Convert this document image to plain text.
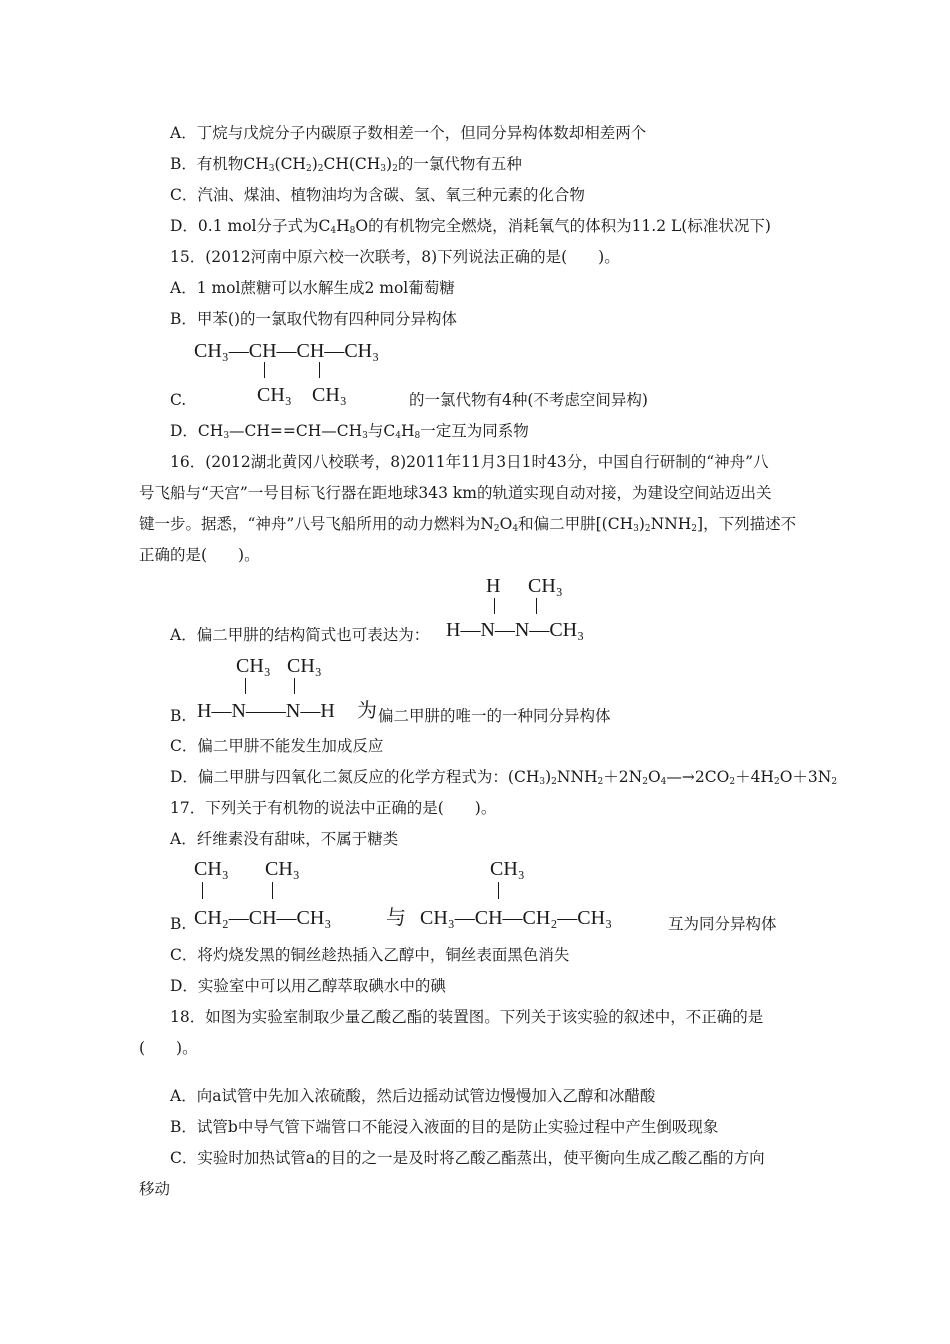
A．丁烷与戊烷分子内碳原子数相差一个，但同分异构体数却相差两个
B．有机物$CH_3(CH_2)_2CH(CH_3)_2$的一氯代物有五种
C．汽油、煤油、植物油均为含碳、氢、氧三种元素的化合物
D．0.1 mol分子式为$C_4H_8O$的有机物完全燃烧，消耗氧气的体积为11.2 L(标准状况下)
15．(2012河南中原六校一次联考，8)下列说法正确的是(　　)。
A．1 mol蔗糖可以水解生成2 mol葡萄糖
B．甲苯()的一氯取代物有四种同分异构体
CH₃—CH—CH—CH₃
CH₃ CH₃
C.	的一氯代物有4种(不考虑空间异构)
D．$CH_3—CH==CH—CH_3$与$C_4H_8$一定互为同系物
16．(2012湖北黄冈八校联考，8)2011年11月3日1时43分，中国自行研制的“神舟”八
号飞船与“天宫”一号目标飞行器在距地球343 km的轨道实现自动对接，为建设空间站迈出关
键一步。据悉，“神舟”八号飞船所用的动力燃料为$N_2O_4$和偏二甲肼$[(CH_3)_2NNH_2]$，下列描述不
正确的是(　　)。
H CH₃
H—N—N—CH₃
A．偏二甲肼的结构简式也可表达为：
CH₃ CH₃
H—N——N—H 为
B.	偏二甲肼的唯一的一种同分异构体
C．偏二甲肼不能发生加成反应
D．偏二甲肼与四氧化二氮反应的化学方程式为：$(CH_3)_2NNH_2+2N_2O_4—\to 2CO_2+4H_2O+3N_2$
17．下列关于有机物的说法中正确的是(　　)。
A．纤维素没有甜味，不属于糖类
CH₃ CH₃
CH₂—CH—CH₃	与
CH₃
CH₃—CH—CH₂—CH₃
B.	互为同分异构体
C．将灼烧发黑的铜丝趁热插入乙醇中，铜丝表面黑色消失
D．实验室中可以用乙醇萃取碘水中的碘
18．如图为实验室制取少量乙酸乙酯的装置图。下列关于该实验的叙述中，不正确的是
(　　)。
A．向a试管中先加入浓硫酸，然后边摇动试管边慢慢加入乙醇和冰醋酸
B．试管b中导气管下端管口不能浸入液面的目的是防止实验过程中产生倒吸现象
C．实验时加热试管a的目的之一是及时将乙酸乙酯蒸出，使平衡向生成乙酸乙酯的方向
移动
